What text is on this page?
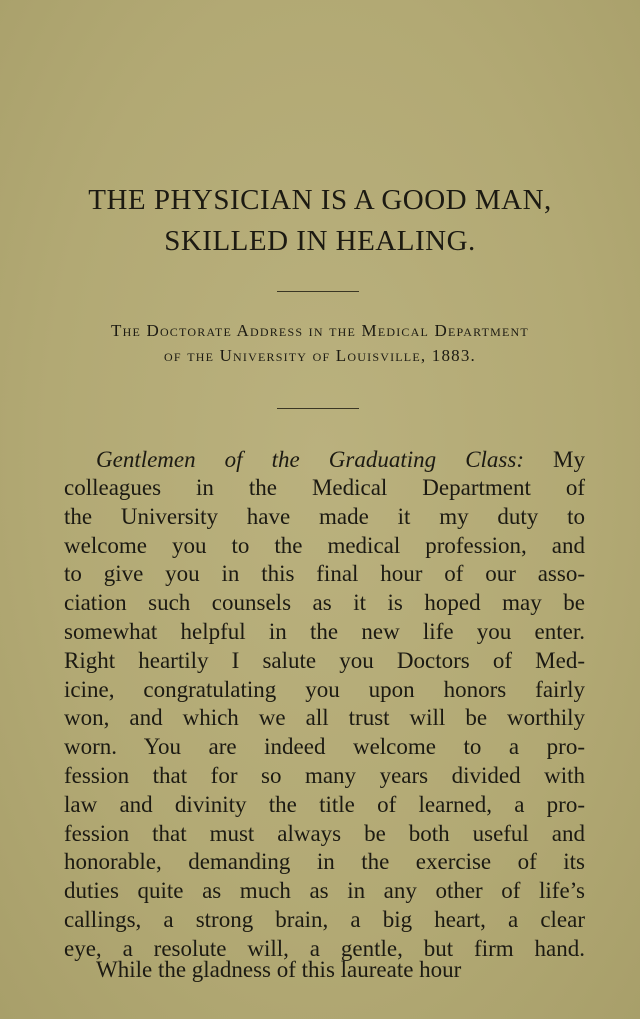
THE PHYSICIAN IS A GOOD MAN,
SKILLED IN HEALING.

The Doctorate Address in the Medical Department

of the University of Louisville, 1883.

Gentlemen of the Graduating Class: My

colleagues in the Medical Department of

the University have made it my duty to

welcome you to the medical profession, and

to give you in this final hour of our asso-

ciation such counsels as it is hoped may be

somewhat helpful in the new life you enter.

Right heartily I salute you Doctors of Med-

icine, congratulating you upon honors fairly

won, and which we all trust will be worthily

worn. You are indeed welcome to a pro-

fession that for so many years divided with

law and divinity the title of learned, a pro-

fession that must always be both useful and

honorable, demanding in the exercise of its

duties quite as much as in any other of life’s

callings, a strong brain, a big heart, a clear

eye, a resolute will, a gentle, but firm hand.

While the gladness of this laureate hour
